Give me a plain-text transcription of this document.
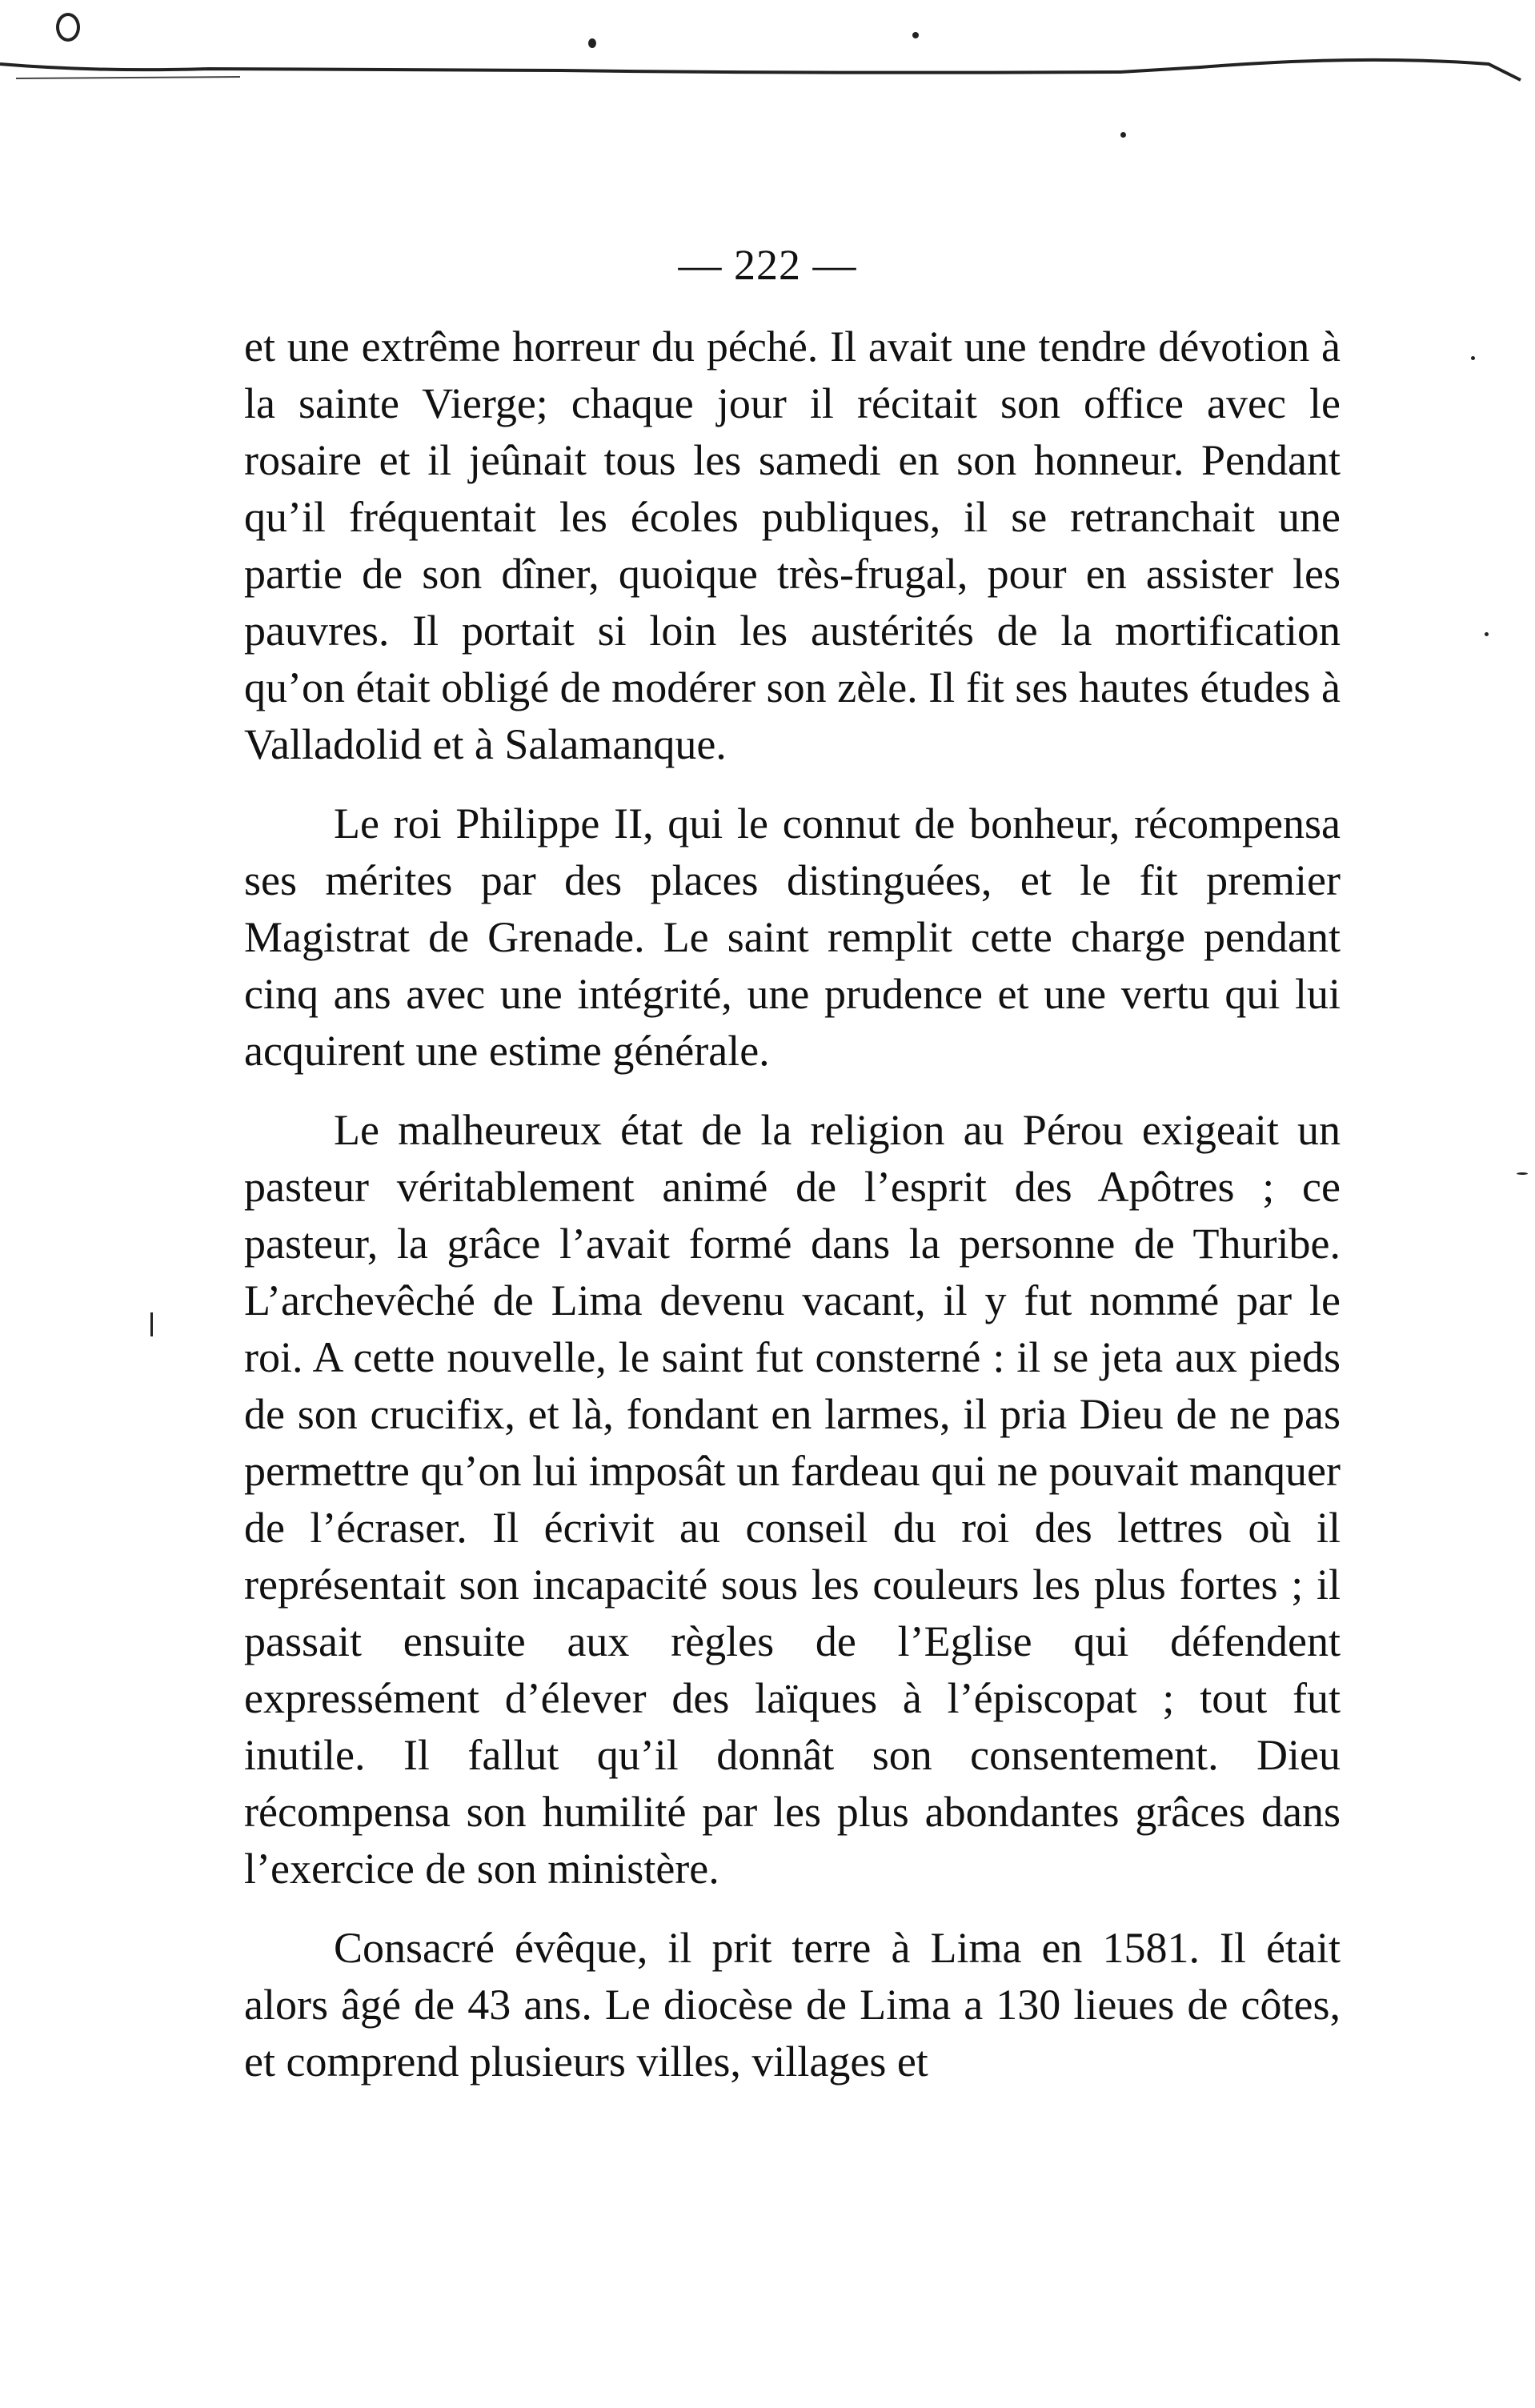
— 222 —

et une extrême horreur du péché. Il avait une tendre dévotion à la sainte Vierge; chaque jour il récitait son office avec le rosaire et il jeûnait tous les samedi en son honneur. Pendant qu’il fréquentait les écoles publiques, il se retranchait une partie de son dîner, quoique très-frugal, pour en assister les pauvres. Il portait si loin les austérités de la mortification qu’on était obligé de modérer son zèle. Il fit ses hautes études à Valladolid et à Salamanque.

Le roi Philippe II, qui le connut de bonheur, récompensa ses mérites par des places distinguées, et le fit premier Magistrat de Grenade. Le saint remplit cette charge pendant cinq ans avec une intégrité, une prudence et une vertu qui lui acquirent une estime générale.

Le malheureux état de la religion au Pérou exigeait un pasteur véritablement animé de l’esprit des Apôtres ; ce pasteur, la grâce l’avait formé dans la personne de Thuribe. L’archevêché de Lima devenu vacant, il y fut nommé par le roi. A cette nouvelle, le saint fut consterné : il se jeta aux pieds de son crucifix, et là, fondant en larmes, il pria Dieu de ne pas permettre qu’on lui imposât un fardeau qui ne pouvait manquer de l’écraser. Il écrivit au conseil du roi des lettres où il représentait son incapacité sous les couleurs les plus fortes ; il passait ensuite aux règles de l’Eglise qui défendent expressément d’élever des laïques à l’épiscopat ; tout fut inutile. Il fallut qu’il donnât son consentement. Dieu récompensa son humilité par les plus abondantes grâces dans l’exercice de son ministère.

Consacré évêque, il prit terre à Lima en 1581. Il était alors âgé de 43 ans. Le diocèse de Lima a 130 lieues de côtes, et comprend plusieurs villes, villages et
